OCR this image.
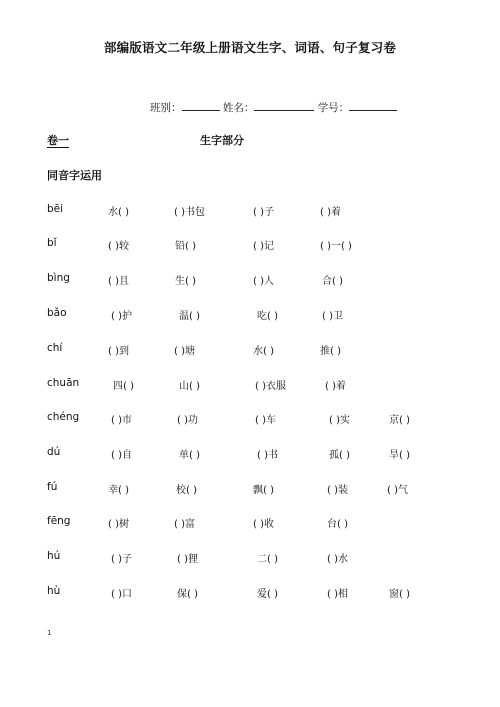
部编版语文二年级上册语文生字、词语、句子复习卷
班别：	姓名：	学号：
卷一	生字部分
同音字运用
bēi	水( )	( )书包	( )子	( )着
bǐ	( )较	铅( )	( )记	( )一( )
bìng	( )且	生( )	( )人	合( )
bǎo	( )护	温( )	吃( )	( )卫
chí	( )到	( )塘	水( )	推( )
chuān	四( )	山( )	( )衣服	( )着
chéng	( )市	( )功	( )车	( )实	京( )
dú	( )自	单( )	( )书	孤( )	旱( )
fú	幸( )	校( )	飘( )	( )装	( )气
fēng	( )树	( )富	( )收	台( )
hú	( )子	( )狸	二( )	( )水
hù	( )口	保( )	爱( )	( )相	窗( )
1
